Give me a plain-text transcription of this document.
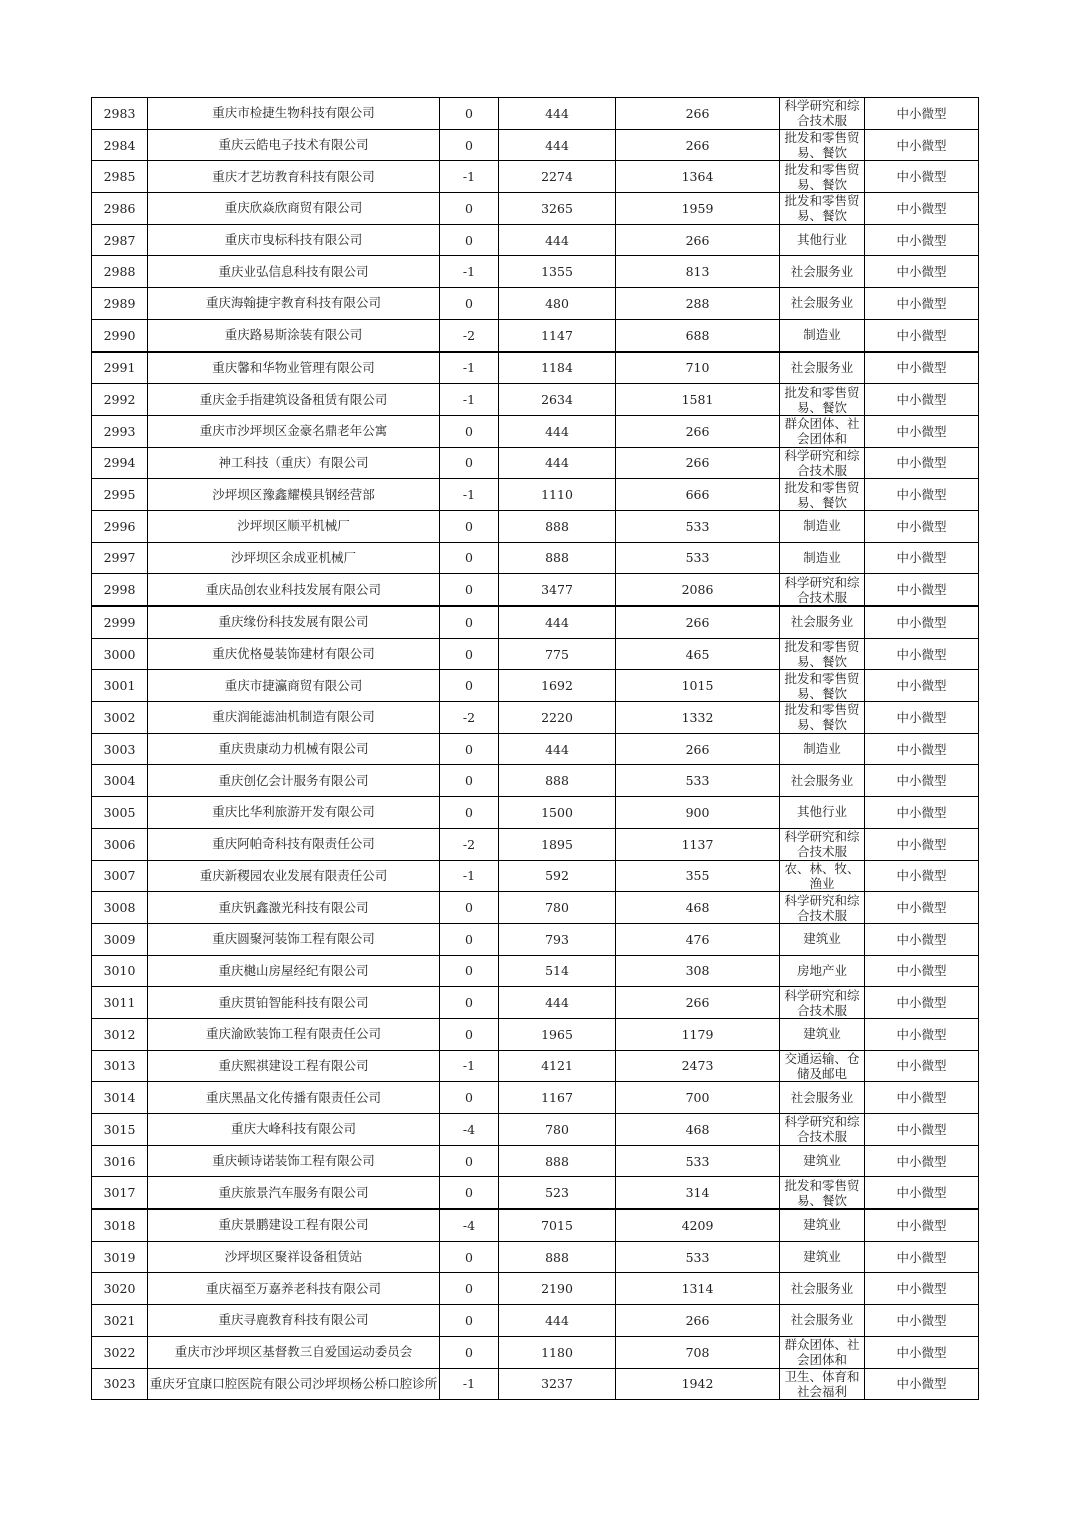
2983	重庆市检捷生物科技有限公司	0	444	266	科学研究和综合技术服	中小微型
2984	重庆云皓电子技术有限公司	0	444	266	批发和零售贸易、餐饮	中小微型
2985	重庆才艺坊教育科技有限公司	-1	2274	1364	批发和零售贸易、餐饮	中小微型
2986	重庆欣焱欣商贸有限公司	0	3265	1959	批发和零售贸易、餐饮	中小微型
2987	重庆市曳标科技有限公司	0	444	266	其他行业	中小微型
2988	重庆业弘信息科技有限公司	-1	1355	813	社会服务业	中小微型
2989	重庆海翰捷宇教育科技有限公司	0	480	288	社会服务业	中小微型
2990	重庆路易斯涂装有限公司	-2	1147	688	制造业	中小微型
2991	重庆馨和华物业管理有限公司	-1	1184	710	社会服务业	中小微型
2992	重庆金手指建筑设备租赁有限公司	-1	2634	1581	批发和零售贸易、餐饮	中小微型
2993	重庆市沙坪坝区金豪名鼎老年公寓	0	444	266	群众团体、社会团体和	中小微型
2994	神工科技（重庆）有限公司	0	444	266	科学研究和综合技术服	中小微型
2995	沙坪坝区豫鑫耀模具钢经营部	-1	1110	666	批发和零售贸易、餐饮	中小微型
2996	沙坪坝区顺平机械厂	0	888	533	制造业	中小微型
2997	沙坪坝区余成亚机械厂	0	888	533	制造业	中小微型
2998	重庆品创农业科技发展有限公司	0	3477	2086	科学研究和综合技术服	中小微型
2999	重庆缘份科技发展有限公司	0	444	266	社会服务业	中小微型
3000	重庆优格曼装饰建材有限公司	0	775	465	批发和零售贸易、餐饮	中小微型
3001	重庆市捷瀛商贸有限公司	0	1692	1015	批发和零售贸易、餐饮	中小微型
3002	重庆润能滤油机制造有限公司	-2	2220	1332	批发和零售贸易、餐饮	中小微型
3003	重庆贵康动力机械有限公司	0	444	266	制造业	中小微型
3004	重庆创亿会计服务有限公司	0	888	533	社会服务业	中小微型
3005	重庆比华利旅游开发有限公司	0	1500	900	其他行业	中小微型
3006	重庆阿帕奇科技有限责任公司	-2	1895	1137	科学研究和综合技术服	中小微型
3007	重庆新稷园农业发展有限责任公司	-1	592	355	农、林、牧、渔业	中小微型
3008	重庆钒鑫激光科技有限公司	0	780	468	科学研究和综合技术服	中小微型
3009	重庆圆聚河装饰工程有限公司	0	793	476	建筑业	中小微型
3010	重庆樾山房屋经纪有限公司	0	514	308	房地产业	中小微型
3011	重庆贯铂智能科技有限公司	0	444	266	科学研究和综合技术服	中小微型
3012	重庆渝欧装饰工程有限责任公司	0	1965	1179	建筑业	中小微型
3013	重庆熙祺建设工程有限公司	-1	4121	2473	交通运输、仓储及邮电	中小微型
3014	重庆黑晶文化传播有限责任公司	0	1167	700	社会服务业	中小微型
3015	重庆大峰科技有限公司	-4	780	468	科学研究和综合技术服	中小微型
3016	重庆顿诗诺装饰工程有限公司	0	888	533	建筑业	中小微型
3017	重庆旅景汽车服务有限公司	0	523	314	批发和零售贸易、餐饮	中小微型
3018	重庆景鹏建设工程有限公司	-4	7015	4209	建筑业	中小微型
3019	沙坪坝区聚祥设备租赁站	0	888	533	建筑业	中小微型
3020	重庆福至万嘉养老科技有限公司	0	2190	1314	社会服务业	中小微型
3021	重庆寻鹿教育科技有限公司	0	444	266	社会服务业	中小微型
3022	重庆市沙坪坝区基督教三自爱国运动委员会	0	1180	708	群众团体、社会团体和	中小微型
3023	重庆牙宜康口腔医院有限公司沙坪坝杨公桥口腔诊所	-1	3237	1942	卫生、体育和社会福利	中小微型
